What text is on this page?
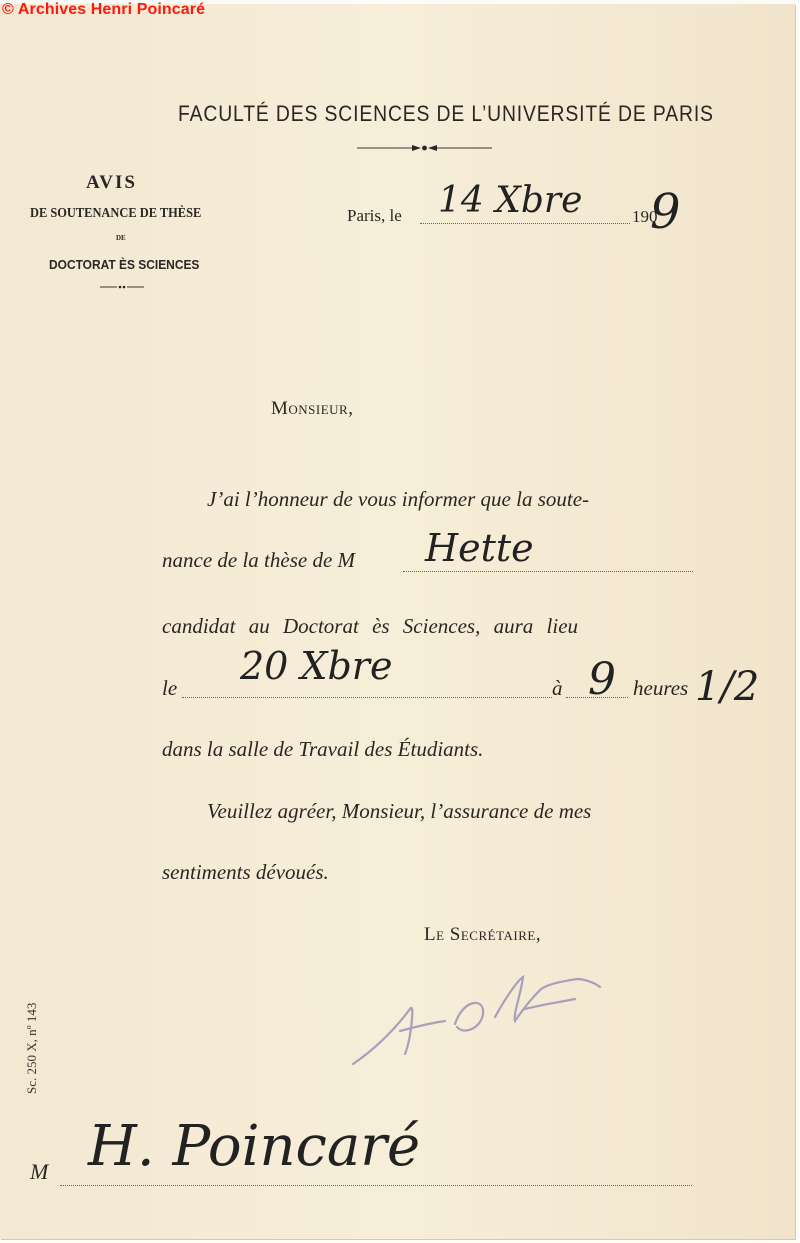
FACULTÉ DES SCIENCES DE L’UNIVERSITÉ DE PARIS
AVIS
DE SOUTENANCE DE THÈSE
DE
DOCTORAT ÈS SCIENCES
Paris, le 14 Xbre	190
9
Monsieur,
J’ai l’honneur de vous informer que la soute-
nance de la thèse de M Hette
candidat au Doctorat ès Sciences, aura lieu
le 20 Xbre	à 9 heures 1/2
dans la salle de Travail des Étudiants.
Veuillez agréer, Monsieur, l’assurance de mes
sentiments dévoués.
Le Secrétaire,
Sc. 250 X, nº 143
M H. Poincaré
© Archives Henri Poincaré
